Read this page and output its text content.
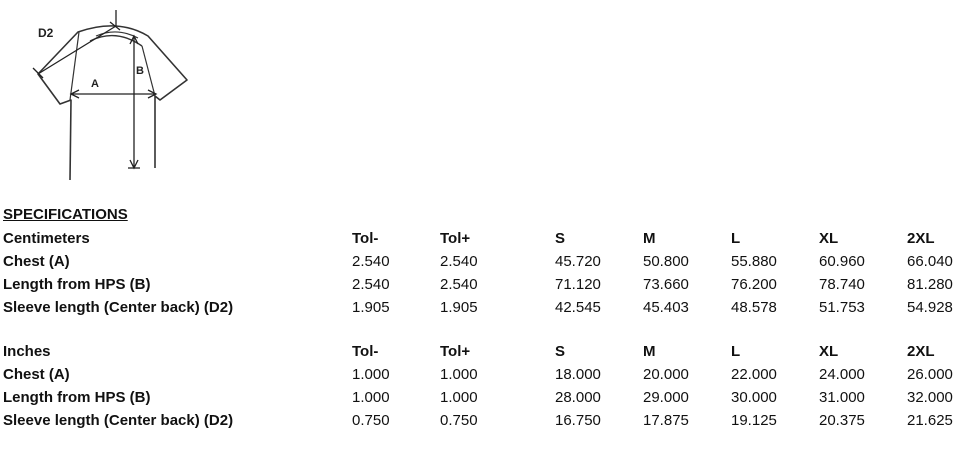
D2
A
B
SPECIFICATIONS
Centimeters	Tol-	Tol+	S	M	L	XL	2XL
Chest (A)	2.540	2.540	45.720	50.800	55.880	60.960	66.040
Length from HPS (B)	2.540	2.540	71.120	73.660	76.200	78.740	81.280
Sleeve length (Center back) (D2)	1.905	1.905	42.545	45.403	48.578	51.753	54.928
Inches	Tol-	Tol+	S	M	L	XL	2XL
Chest (A)	1.000	1.000	18.000	20.000	22.000	24.000	26.000
Length from HPS (B)	1.000	1.000	28.000	29.000	30.000	31.000	32.000
Sleeve length (Center back) (D2)	0.750	0.750	16.750	17.875	19.125	20.375	21.625
